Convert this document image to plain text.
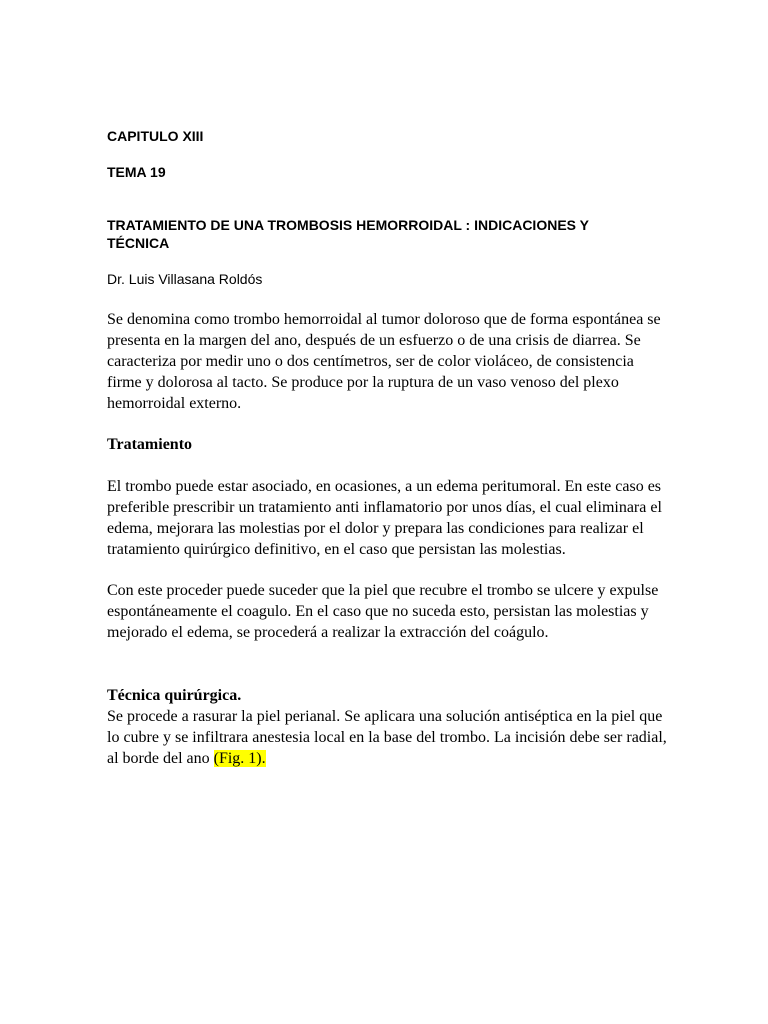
CAPITULO XIII

TEMA 19

TRATAMIENTO DE UNA TROMBOSIS HEMORROIDAL : INDICACIONES Y TÉCNICA

Dr. Luis Villasana Roldós

Se denomina como trombo hemorroidal al tumor doloroso que de forma espontánea se presenta en la margen del ano, después de un esfuerzo o de una crisis de diarrea. Se caracteriza por medir uno o dos centímetros, ser de color violáceo, de consistencia firme y dolorosa al tacto. Se produce por la ruptura de un vaso venoso del plexo hemorroidal externo.

Tratamiento

El trombo puede estar asociado, en ocasiones, a un edema peritumoral. En este caso es preferible prescribir un tratamiento anti inflamatorio por unos días, el cual eliminara el edema, mejorara las molestias por el dolor y prepara las condiciones para realizar el tratamiento quirúrgico definitivo, en el caso que persistan las molestias.

Con este proceder puede suceder que la piel que recubre el trombo se ulcere y expulse espontáneamente el coagulo. En el caso que no suceda esto, persistan las molestias y mejorado el edema, se procederá a realizar la extracción del coágulo.

Técnica quirúrgica.

Se procede a rasurar la piel perianal. Se aplicara una solución antiséptica en la piel que lo cubre y se infiltrara anestesia local en la base del trombo. La incisión debe ser radial, al borde del ano (Fig. 1).
